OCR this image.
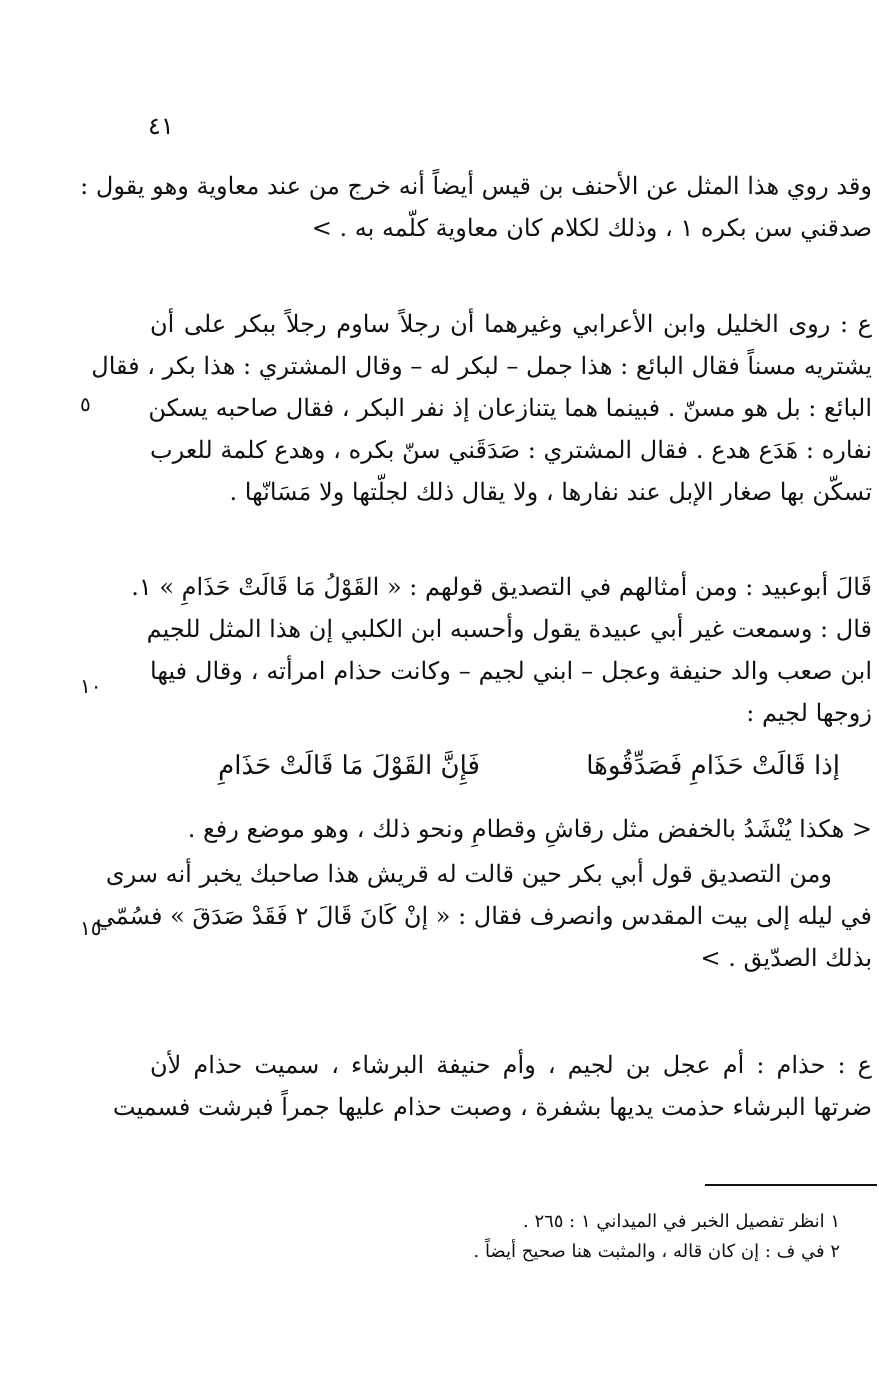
٤١
وقد روي هذا المثل عن الأحنف بن قيس أيضاً أنه خرج من عند معاوية وهو يقول :
صدقني سن بكره ١ ، وذلك لكلام كان معاوية كلّمه به . >
ع : روى الخليل وابن الأعرابي وغيرهما أن رجلاً ساوم رجلاً ببكر على أن
يشتريه مسناً فقال البائع : هذا جمل – لبكر له – وقال المشتري : هذا بكر ، فقال
البائع : بل هو مسنّ . فبينما هما يتنازعان إذ نفر البكر ، فقال صاحبه يسكن
نفاره : هَدَع هدع . فقال المشتري : صَدَقَني سنّ بكره ، وهدع كلمة للعرب
تسكّن بها صغار الإبل عند نفارها ، ولا يقال ذلك لجلّتها ولا مَسَانّها .
٥
قَالَ أبوعبيد : ومن أمثالهم في التصديق قولهم : « القَوْلُ مَا قَالَتْ حَذَامِ » ١.
قال : وسمعت غير أبي عبيدة يقول وأحسبه ابن الكلبي إن هذا المثل للجيم
ابن صعب والد حنيفة وعجل – ابني لجيم – وكانت حذام امرأته ، وقال فيها
زوجها لجيم :
١٠
إذا قَالَتْ حَذَامِ فَصَدِّقُوهَا
فَإِنَّ القَوْلَ مَا قَالَتْ حَذَامِ
< هكذا يُنْشَدُ بالخفض مثل رقاشِ وقطامِ ونحو ذلك ، وهو موضع رفع .
ومن التصديق قول أبي بكر حين قالت له قريش هذا صاحبك يخبر أنه سرى
في ليله إلى بيت المقدس وانصرف فقال : « إنْ كَانَ قَالَ ٢ فَقَدْ صَدَقَ » فسُمّي
بذلك الصدّيق . >
١٥
ع : حذام : أم عجل بن لجيم ، وأم حنيفة البرشاء ، سميت حذام لأن
ضرتها البرشاء حذمت يديها بشفرة ، وصبت حذام عليها جمراً فبرشت فسميت
١ انظر تفصيل الخبر في الميداني ١ : ٢٦٥ .
٢ في ف : إن كان قاله ، والمثبت هنا صحيح أيضاً .
